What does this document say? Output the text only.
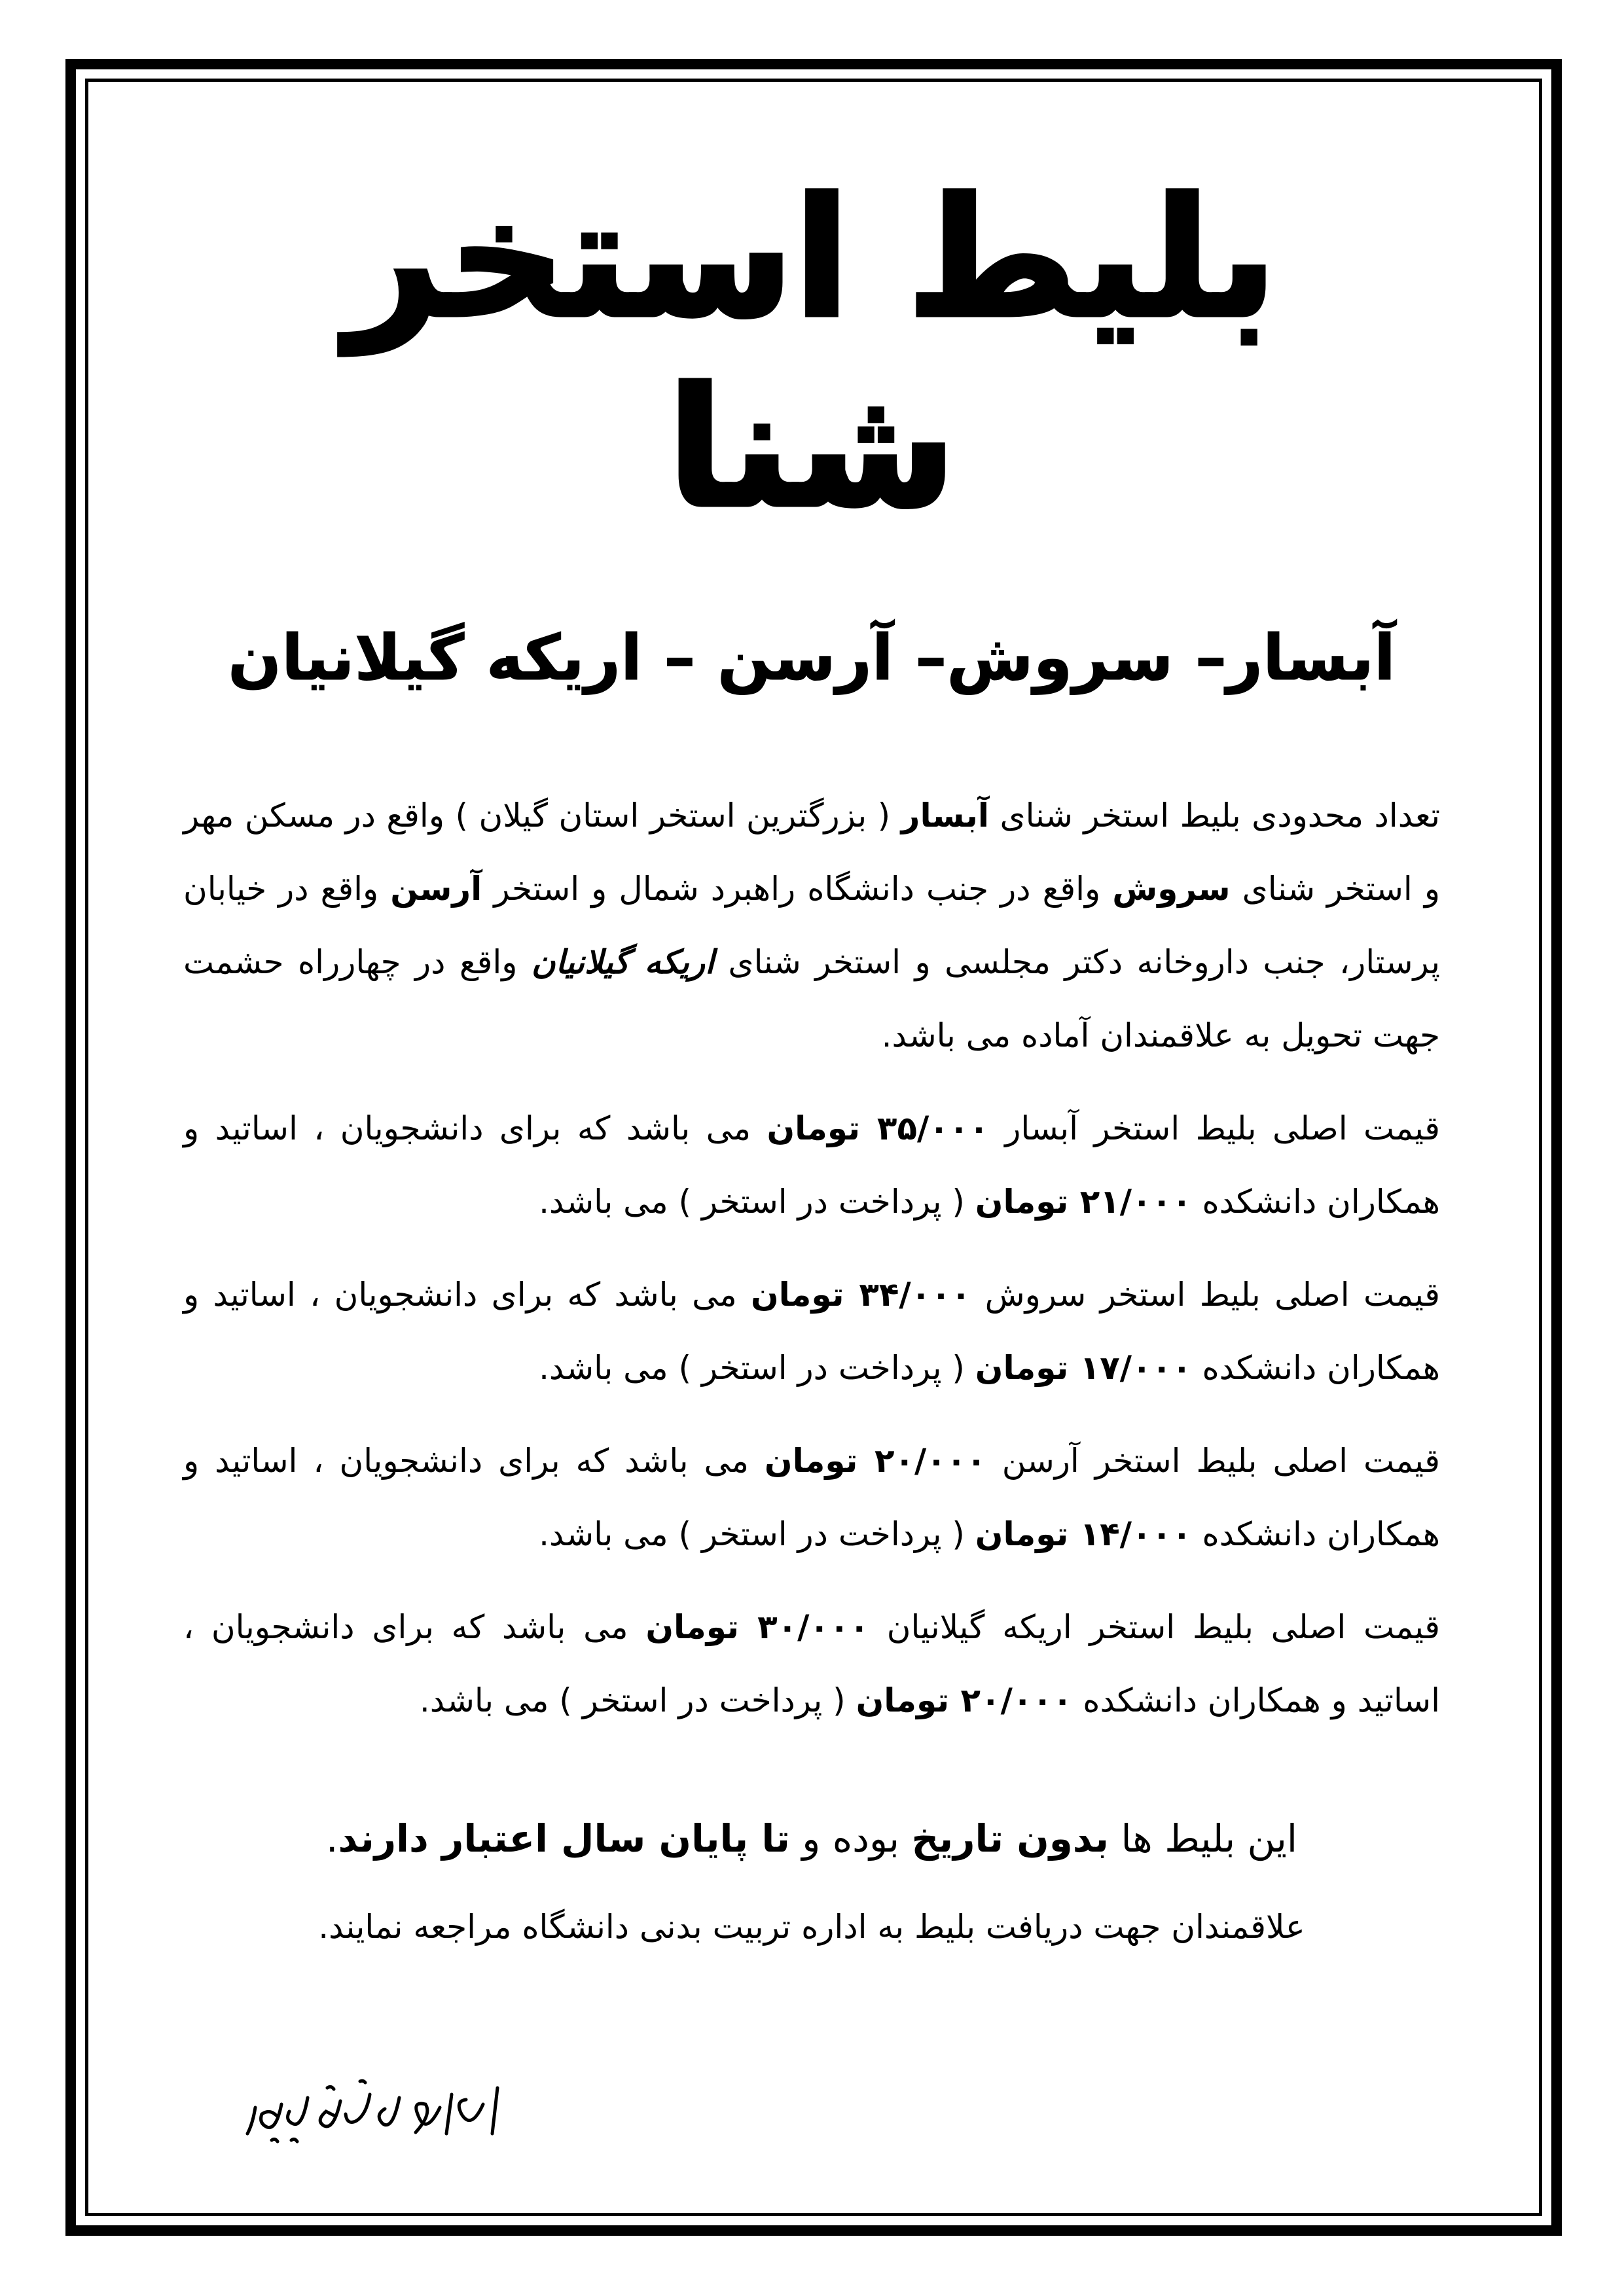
بلیط استخر شنا
آبسار– سروش– آرسن – اریکه گیلانیان

تعداد محدودی بلیط استخر شنای آبسار ( بزرگترین استخر استان گیلان ) واقع در مسکن مهر و استخر شنای سروش واقع در جنب دانشگاه راهبرد شمال و استخر آرسن واقع در خیابان پرستار، جنب داروخانه دکتر مجلسی و استخر شنای اریکه گیلانیان واقع در چهارراه حشمت جهت تحویل به علاقمندان آماده می باشد.

قیمت اصلی بلیط استخر آبسار ۳۵/۰۰۰ تومان می باشد که برای دانشجویان ، اساتید و همکاران دانشکده ۲۱/۰۰۰ تومان ( پرداخت در استخر ) می باشد.

قیمت اصلی بلیط استخر سروش ۳۴/۰۰۰ تومان می باشد که برای دانشجویان ، اساتید و همکاران دانشکده ۱۷/۰۰۰ تومان ( پرداخت در استخر ) می باشد.

قیمت اصلی بلیط استخر آرسن ۲۰/۰۰۰ تومان می باشد که برای دانشجویان ، اساتید و همکاران دانشکده ۱۴/۰۰۰ تومان ( پرداخت در استخر ) می باشد.

قیمت اصلی بلیط استخر اریکه گیلانیان ۳۰/۰۰۰ تومان می باشد که برای دانشجویان ، اساتید و همکاران دانشکده ۲۰/۰۰۰ تومان ( پرداخت در استخر ) می باشد.

این بلیط ها بدون تاریخ بوده و تا پایان سال اعتبار دارند.

علاقمندان جهت دریافت بلیط به اداره تربیت بدنی دانشگاه مراجعه نمایند.
